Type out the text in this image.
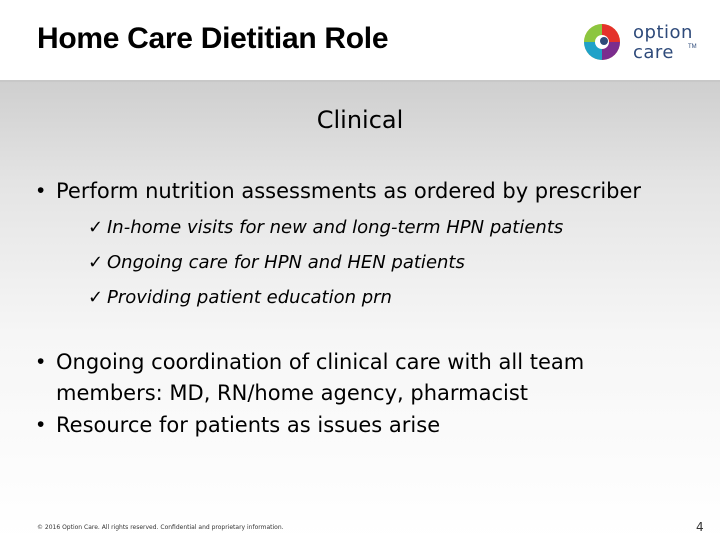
Home Care Dietitian Role	option
care TM
Clinical
• Perform nutrition assessments as ordered by prescriber
✓ In-home visits for new and long-term HPN patients
✓ Ongoing care for HPN and HEN patients
✓ Providing patient education prn
• Ongoing coordination of clinical care with all team
members: MD, RN/home agency, pharmacist
• Resource for patients as issues arise
© 2016 Option Care. All rights reserved. Confidential and proprietary information.	4
